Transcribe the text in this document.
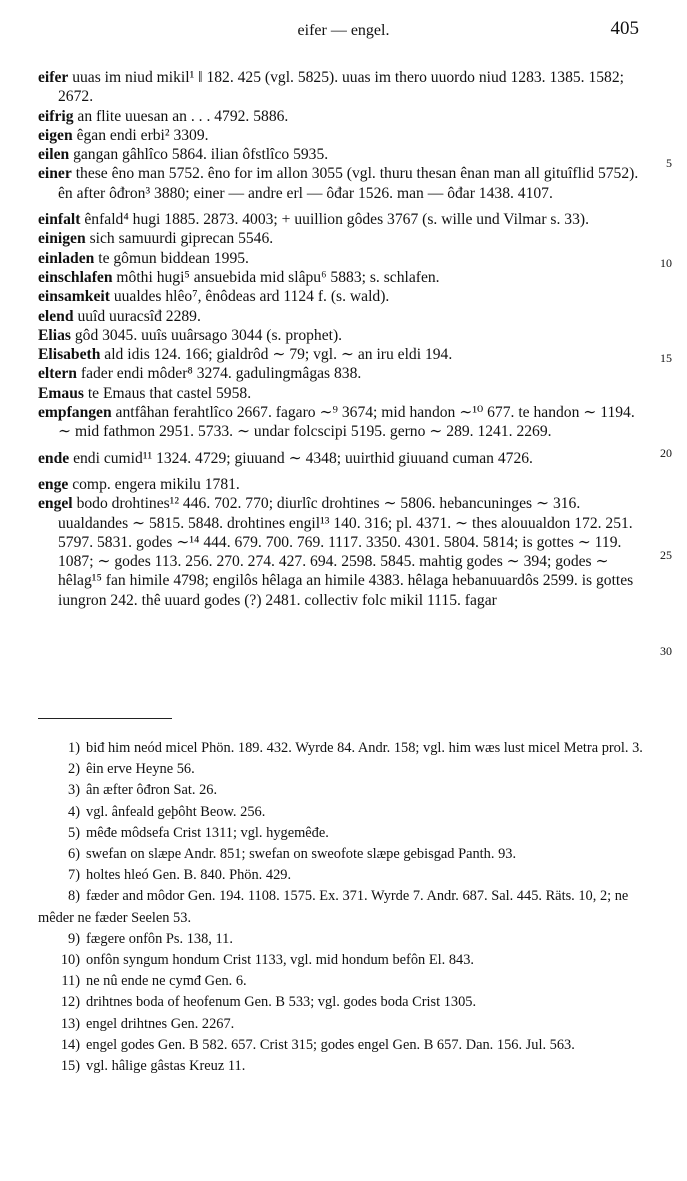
eifer — engel.	405
5
10
15
20
25
30
eifer uuas im niud mikil¹ ‖ 182. 425 (vgl. 5825). uuas im thero uuordo niud 1283. 1385. 1582; 2672.
eifrig an flite uuesan an . . . 4792. 5886.
eigen êgan endi erbi² 3309.
eilen gangan gâhlîco 5864. ilian ôfstlîco 5935.
einer these êno man 5752. êno for im allon 3055 (vgl. thuru thesan ênan man all gituîflid 5752). ên after ôđron³ 3880; einer — andre erl — ôđar 1526. man — ôđar 1438. 4107.
einfalt ênfald⁴ hugi 1885. 2873. 4003; + uuillion gôdes 3767 (s. wille und Vilmar s. 33).
einigen sich samuurdi giprecan 5546.
einladen te gômun biddean 1995.
einschlafen môthi hugi⁵ ansuebida mid slâpu⁶ 5883; s. schlafen.
einsamkeit uualdes hlêo⁷, ênôdeas ard 1124 f. (s. wald).
elend uuîd uuracsîđ 2289.
Elias gôd 3045. uuîs uuârsago 3044 (s. prophet).
Elisabeth ald idis 124. 166; gialdrôd ∼ 79; vgl. ∼ an iru eldi 194.
eltern fader endi môder⁸ 3274. gadulingmâgas 838.
Emaus te Emaus that castel 5958.
empfangen antfâhan ferahtlîco 2667. fagaro ∼⁹ 3674; mid handon ∼¹⁰ 677. te handon ∼ 1194. ∼ mid fathmon 2951. 5733. ∼ undar folcscipi 5195. gerno ∼ 289. 1241. 2269.
ende endi cumid¹¹ 1324. 4729; giuuand ∼ 4348; uuirthid giuuand cuman 4726.
enge comp. engera mikilu 1781.
engel bodo drohtines¹² 446. 702. 770; diurlîc drohtines ∼ 5806. hebancuninges ∼ 316. uualdandes ∼ 5815. 5848. drohtines engil¹³ 140. 316; pl. 4371. ∼ thes alouualdon 172. 251. 5797. 5831. godes ∼¹⁴ 444. 679. 700. 769. 1117. 3350. 4301. 5804. 5814; is gottes ∼ 119. 1087; ∼ godes 113. 256. 270. 274. 427. 694. 2598. 5845. mahtig godes ∼ 394; godes ∼ hêlag¹⁵ fan himile 4798; engilôs hêlaga an himile 4383. hêlaga hebanuuardôs 2599. is gottes iungron 242. thê uuard godes (?) 2481. collectiv folc mikil 1115. fagar
1) biđ him neód micel Phön. 189. 432. Wyrde 84. Andr. 158; vgl. him wæs lust micel Metra prol. 3.
2) êin erve Heyne 56.
3) ân æfter ôđron Sat. 26.
4) vgl. ânfeald geþôht Beow. 256.
5) mêđe môdsefa Crist 1311; vgl. hygemêđe.
6) swefan on slæpe Andr. 851; swefan on sweofote slæpe gebisgad Panth. 93.
7) holtes hleó Gen. B. 840. Phön. 429.
8) fæder and môdor Gen. 194. 1108. 1575. Ex. 371. Wyrde 7. Andr. 687. Sal. 445. Räts. 10, 2; ne mêder ne fæder Seelen 53.
9) fægere onfôn Ps. 138, 11.
10) onfôn syngum hondum Crist 1133, vgl. mid hondum befôn El. 843.
11) ne nû ende ne cymđ Gen. 6.
12) drihtnes boda of heofenum Gen. B 533; vgl. godes boda Crist 1305.
13) engel drihtnes Gen. 2267.
14) engel godes Gen. B 582. 657. Crist 315; godes engel Gen. B 657. Dan. 156. Jul. 563.
15) vgl. hâlige gâstas Kreuz 11.
